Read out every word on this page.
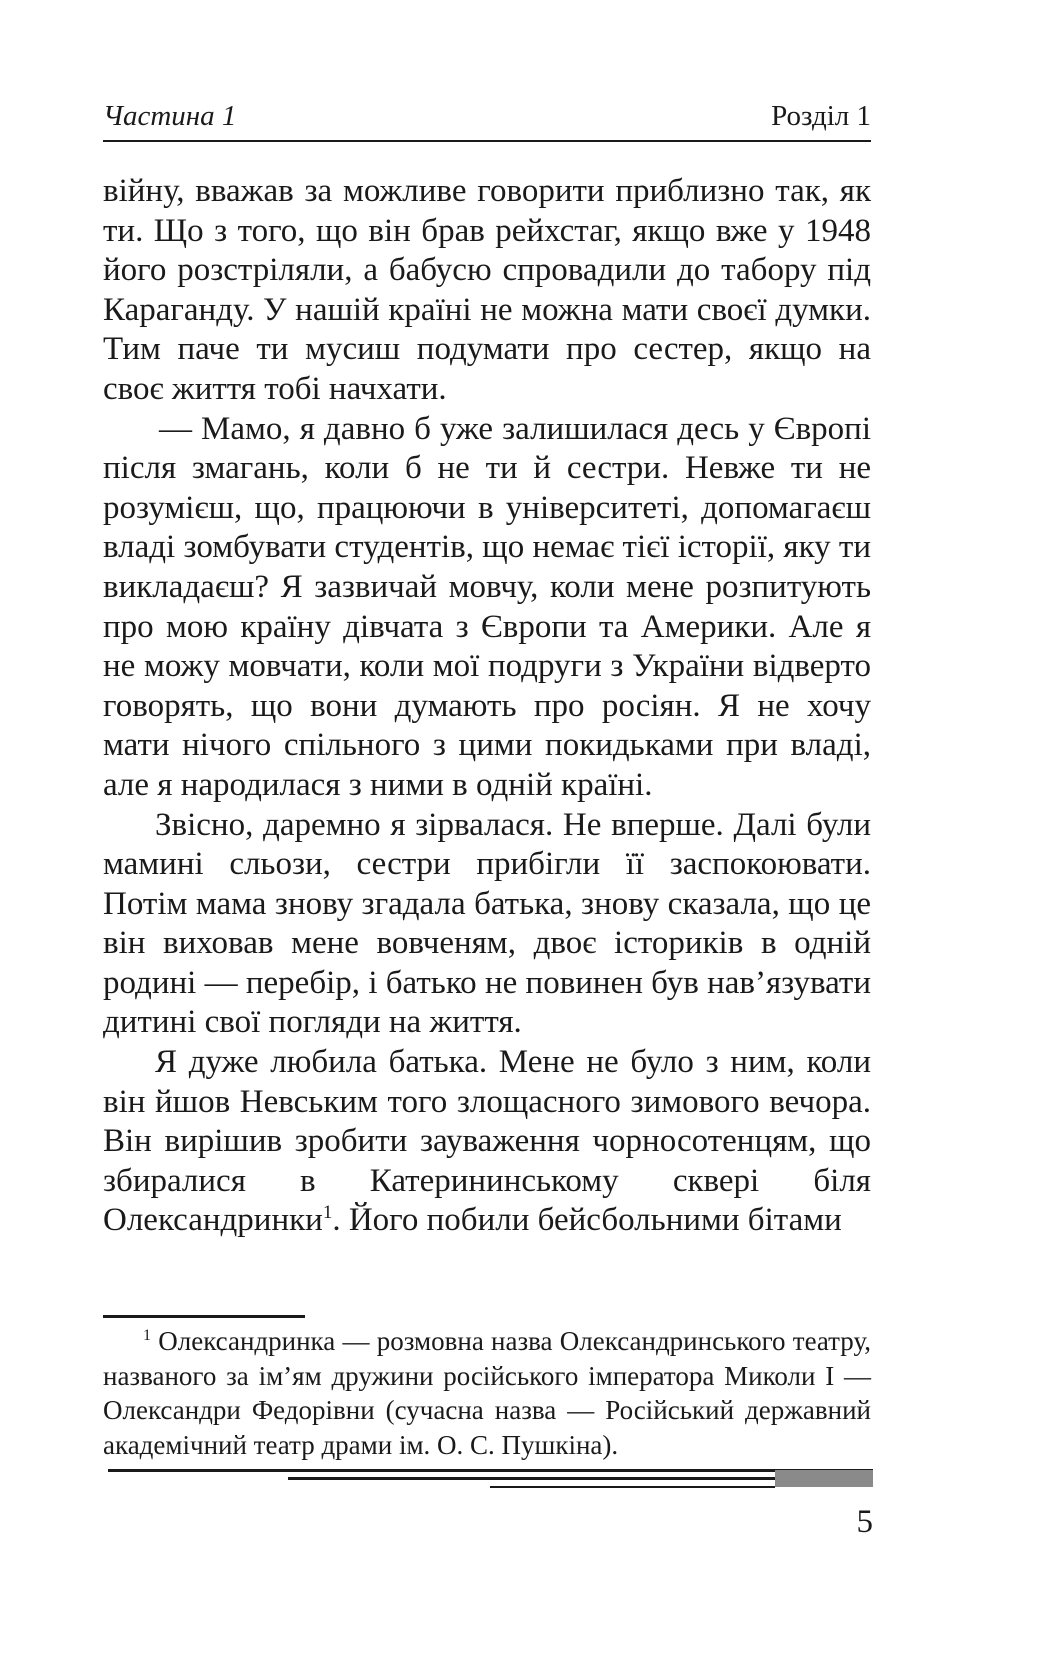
Частина 1	Розділ 1

війну, вважав за можливе говорити приблизно так, як ти. Що з того, що він брав рейхстаг, якщо вже у 1948 його розстріляли, а бабусю спровадили до табору під Караганду. У нашій країні не можна мати своєї думки. Тим паче ти мусиш подумати про сестер, якщо на своє життя тобі начхати.

— Мамо, я давно б уже залишилася десь у Європі після змагань, коли б не ти й сестри. Невже ти не розумієш, що, працюючи в університеті, допомагаєш владі зомбувати студентів, що немає тієї історії, яку ти викладаєш? Я зазвичай мовчу, коли мене розпитують про мою країну дівчата з Європи та Америки. Але я не можу мовчати, коли мої подруги з України відверто говорять, що вони думають про росіян. Я не хочу мати нічого спільного з цими покидьками при владі, але я народилася з ними в одній країні.

Звісно, даремно я зірвалася. Не вперше. Далі були мамині сльози, сестри прибігли її заспокоювати. Потім мама знову згадала батька, знову сказала, що це він виховав мене вовченям, двоє істориків в одній родині — перебір, і батько не повинен був нав’язувати дитині свої погляди на життя.

Я дуже любила батька. Мене не було з ним, коли він йшов Невським того злощасного зимового вечора. Він вирішив зробити зауваження чорносотенцям, що збиралися в Катерининському сквері біля Олександринки$^1$. Його побили бейсбольними бітами

$^1$ Олександринка — розмовна назва Олександринського театру, названого за ім’ям дружини російського імператора Миколи І — Олександри Федорівни (сучасна назва — Російський державний академічний театр драми ім. О. С. Пушкіна).

5
